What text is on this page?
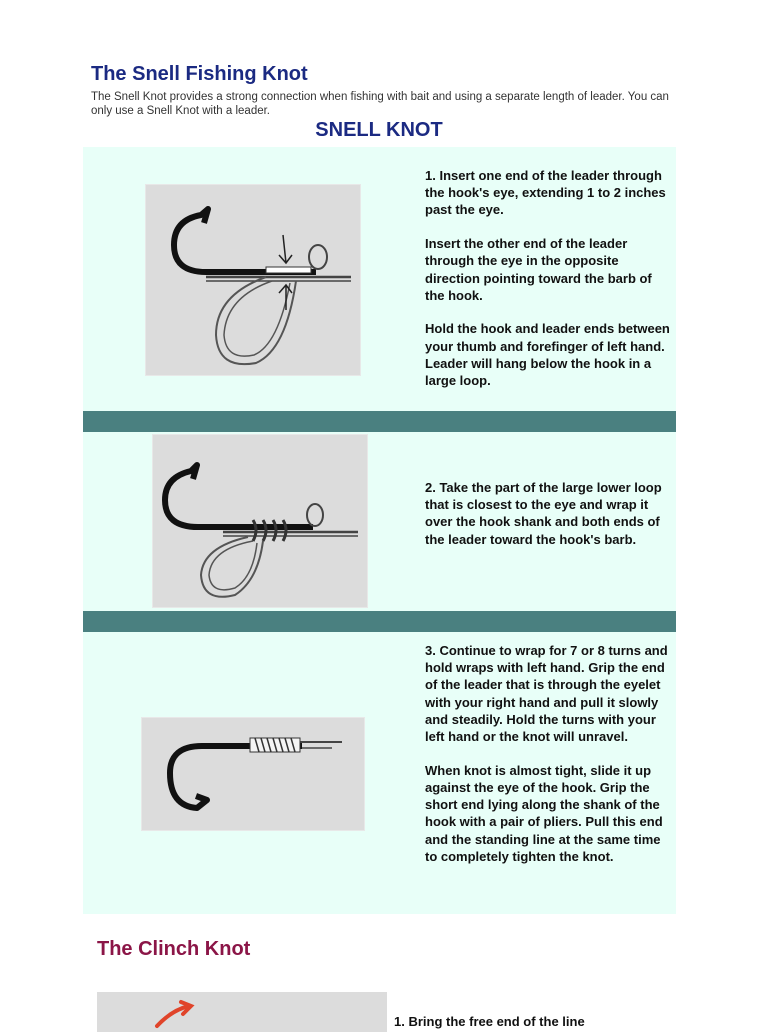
The Snell Fishing Knot
The Snell Knot provides a strong connection when fishing with bait and using a separate length of leader. You can only use a Snell Knot with a leader.
SNELL KNOT

1. Insert one end of the leader through the hook's eye, extending 1 to 2 inches past the eye.

Insert the other end of the leader through the eye in the opposite direction pointing toward the barb of the hook.

Hold the hook and leader ends between your thumb and forefinger of left hand. Leader will hang below the hook in a large loop.

2. Take the part of the large lower loop that is closest to the eye and wrap it over the hook shank and both ends of the leader toward the hook's barb.

3. Continue to wrap for 7 or 8 turns and hold wraps with left hand. Grip the end of the leader that is through the eyelet with your right hand and pull it slowly and steadily. Hold the turns with your left hand or the knot will unravel.

When knot is almost tight, slide it up against the eye of the hook. Grip the short end lying along the shank of the hook with a pair of pliers. Pull this end and the standing line at the same time to completely tighten the knot.

The Clinch Knot
1. Bring the free end of the line
